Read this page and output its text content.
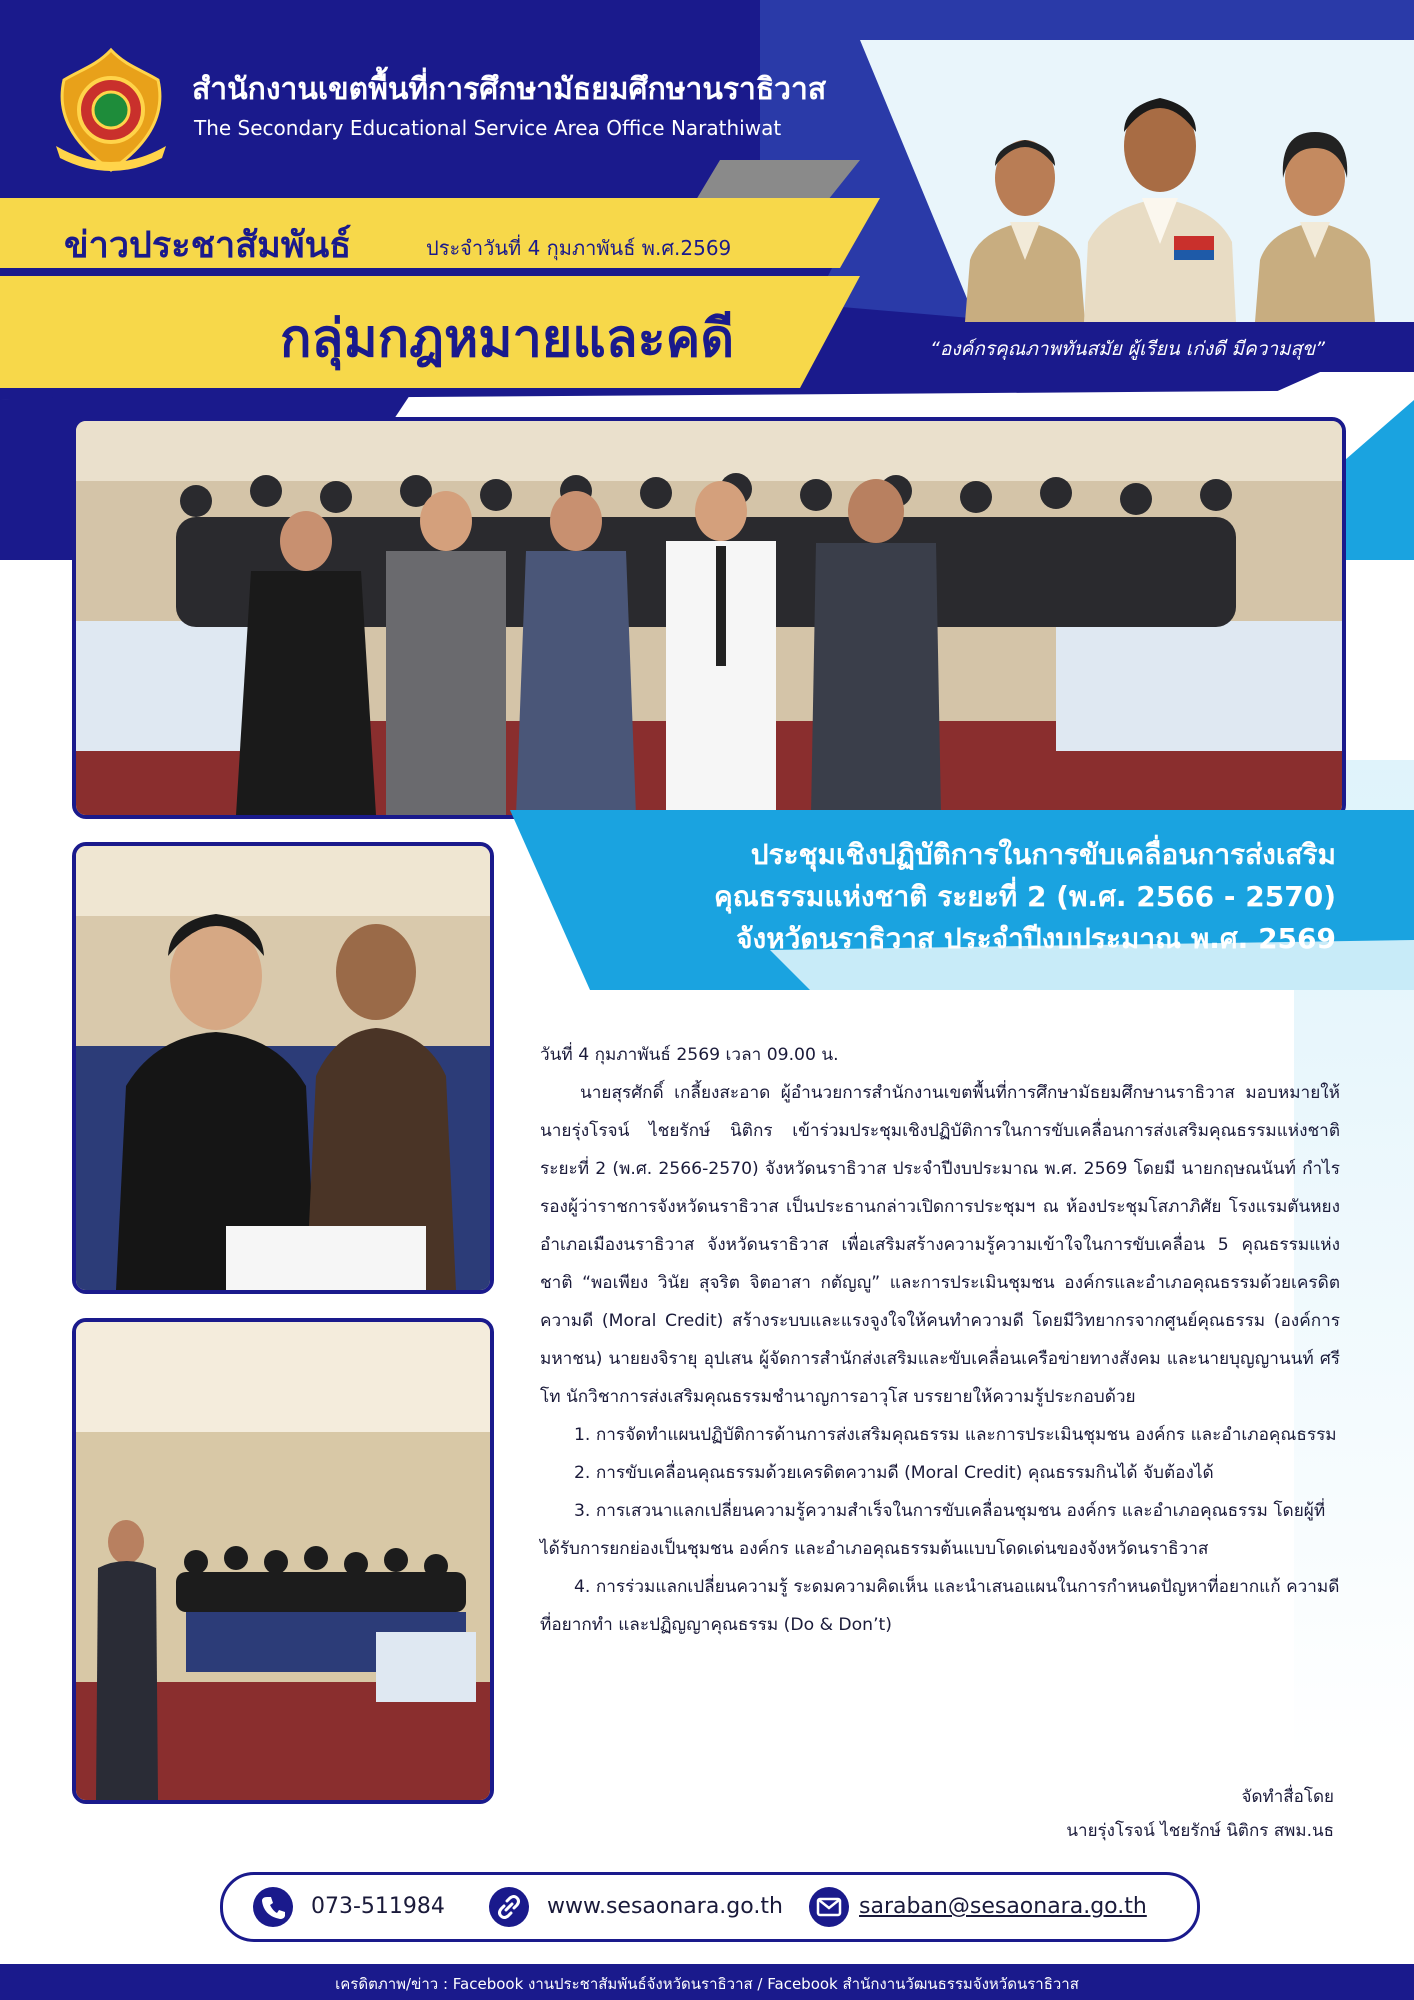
สำนักงานเขตพื้นที่การศึกษามัธยมศึกษานราธิวาส
The Secondary Educational Service Area Office Narathiwat
ข่าวประชาสัมพันธ์	ประจำวันที่ 4 กุมภาพันธ์ พ.ศ.2569
กลุ่มกฎหมายและคดี	“องค์กรคุณภาพทันสมัย ผู้เรียน เก่งดี มีความสุข”
ประชุมเชิงปฏิบัติการในการขับเคลื่อนการส่งเสริม
คุณธรรมแห่งชาติ ระยะที่ 2 (พ.ศ. 2566 - 2570)
จังหวัดนราธิวาส ประจำปีงบประมาณ พ.ศ. 2569

วันที่ 4 กุมภาพันธ์ 2569 เวลา 09.00 น.

นายสุรศักดิ์ เกลี้ยงสะอาด ผู้อำนวยการสำนักงานเขตพื้นที่การศึกษามัธยมศึกษานราธิวาส มอบหมายให้ นายรุ่งโรจน์ ไชยรักษ์ นิติกร เข้าร่วมประชุมเชิงปฏิบัติการในการขับเคลื่อนการส่งเสริมคุณธรรมแห่งชาติ ระยะที่ 2 (พ.ศ. 2566-2570) จังหวัดนราธิวาส ประจำปีงบประมาณ พ.ศ. 2569 โดยมี นายกฤษณนันท์ กำไร รองผู้ว่าราชการจังหวัดนราธิวาส เป็นประธานกล่าวเปิดการประชุมฯ ณ ห้องประชุมโสภาภิศัย โรงแรมตันหยง อำเภอเมืองนราธิวาส จังหวัดนราธิวาส เพื่อเสริมสร้างความรู้ความเข้าใจในการขับเคลื่อน 5 คุณธรรมแห่งชาติ “พอเพียง วินัย สุจริต จิตอาสา กตัญญู” และการประเมินชุมชน องค์กรและอำเภอคุณธรรมด้วยเครดิตความดี (Moral Credit) สร้างระบบและแรงจูงใจให้คนทำความดี โดยมีวิทยากรจากศูนย์คุณธรรม (องค์การมหาชน) นายยงจิรายุ อุปเสน ผู้จัดการสำนักส่งเสริมและขับเคลื่อนเครือข่ายทางสังคม และนายบุญญานนท์ ศรีโท นักวิชาการส่งเสริมคุณธรรมชำนาญการอาวุโส บรรยายให้ความรู้ประกอบด้วย

1. การจัดทำแผนปฏิบัติการด้านการส่งเสริมคุณธรรม และการประเมินชุมชน องค์กร และอำเภอคุณธรรม

2. การขับเคลื่อนคุณธรรมด้วยเครดิตความดี (Moral Credit) คุณธรรมกินได้ จับต้องได้

3. การเสวนาแลกเปลี่ยนความรู้ความสำเร็จในการขับเคลื่อนชุมชน องค์กร และอำเภอคุณธรรม โดยผู้ที่ได้รับการยกย่องเป็นชุมชน องค์กร และอำเภอคุณธรรมต้นแบบโดดเด่นของจังหวัดนราธิวาส

4. การร่วมแลกเปลี่ยนความรู้ ระดมความคิดเห็น และนำเสนอแผนในการกำหนดปัญหาที่อยากแก้ ความดีที่อยากทำ และปฏิญญาคุณธรรม (Do & Don’t)

จัดทำสื่อโดย
นายรุ่งโรจน์ ไชยรักษ์ นิติกร สพม.นธ
073-511984	www.sesaonara.go.th	saraban@sesaonara.go.th
เครดิตภาพ/ข่าว : Facebook งานประชาสัมพันธ์จังหวัดนราธิวาส / Facebook สำนักงานวัฒนธรรมจังหวัดนราธิวาส
